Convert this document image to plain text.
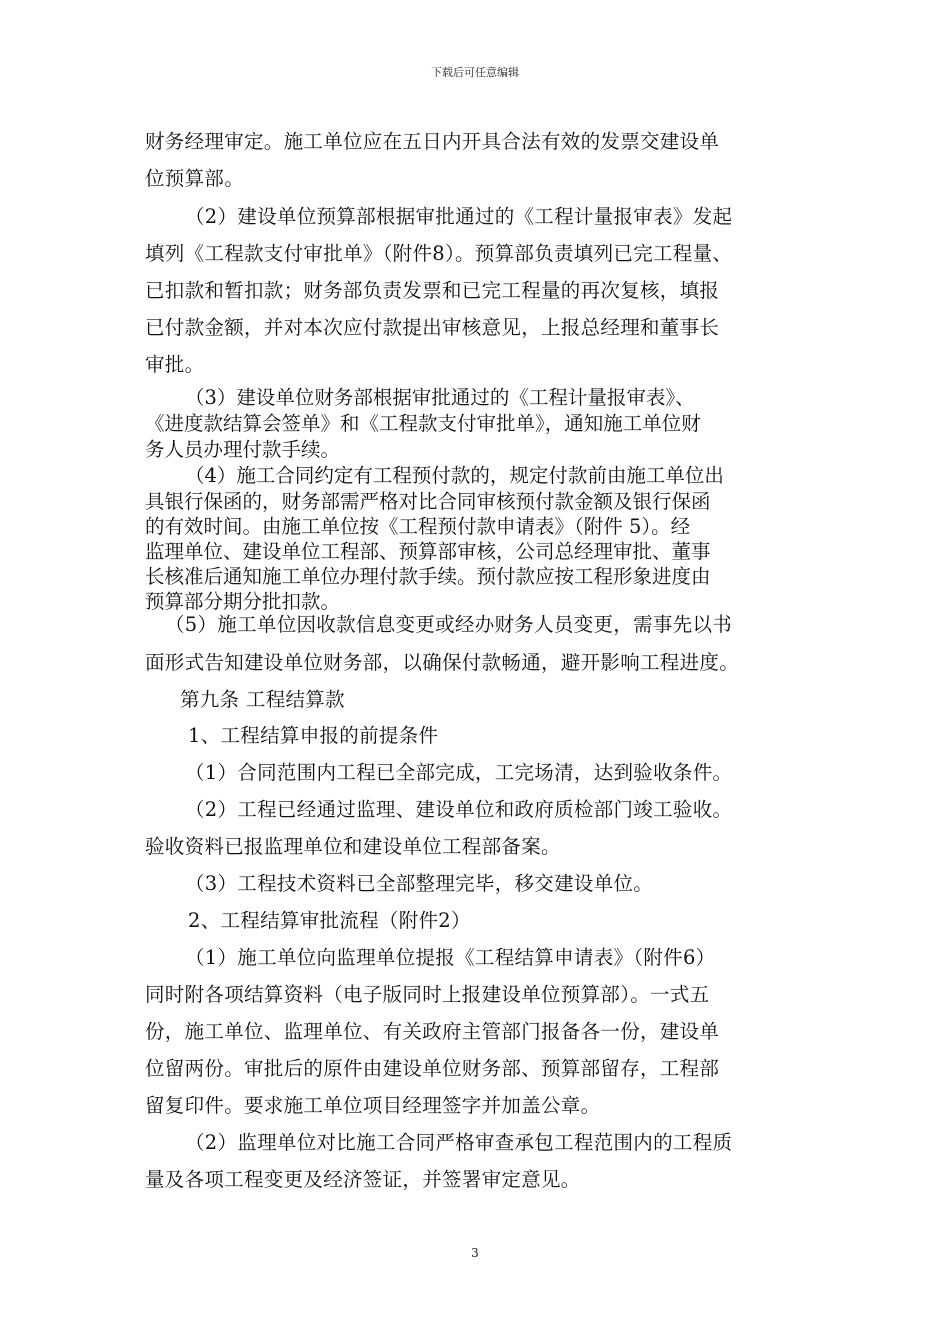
下载后可任意编辑
财务经理审定。施工单位应在五日内开具合法有效的发票交建设单
位预算部。
（2）建设单位预算部根据审批通过的《工程计量报审表》发起
填列《工程款支付审批单》（附件8）。预算部负责填列已完工程量、
已扣款和暂扣款；财务部负责发票和已完工程量的再次复核，填报
已付款金额，并对本次应付款提出审核意见，上报总经理和董事长
审批。
（3）建设单位财务部根据审批通过的《工程计量报审表》、
《进度款结算会签单》和《工程款支付审批单》，通知施工单位财
务人员办理付款手续。
（4）施工合同约定有工程预付款的，规定付款前由施工单位出
具银行保函的，财务部需严格对比合同审核预付款金额及银行保函
的有效时间。由施工单位按《工程预付款申请表》（附件 5）。经
监理单位、建设单位工程部、预算部审核，公司总经理审批、董事
长核准后通知施工单位办理付款手续。预付款应按工程形象进度由
预算部分期分批扣款。
（5）施工单位因收款信息变更或经办财务人员变更，需事先以书
面形式告知建设单位财务部，以确保付款畅通，避开影响工程进度。
第九条 工程结算款
1、工程结算申报的前提条件
（1）合同范围内工程已全部完成，工完场清，达到验收条件。
（2）工程已经通过监理、建设单位和政府质检部门竣工验收。
验收资料已报监理单位和建设单位工程部备案。
（3）工程技术资料已全部整理完毕，移交建设单位。
2、工程结算审批流程（附件2）
（1）施工单位向监理单位提报《工程结算申请表》（附件6）
同时附各项结算资料（电子版同时上报建设单位预算部）。一式五
份，施工单位、监理单位、有关政府主管部门报备各一份，建设单
位留两份。审批后的原件由建设单位财务部、预算部留存，工程部
留复印件。要求施工单位项目经理签字并加盖公章。
（2）监理单位对比施工合同严格审查承包工程范围内的工程质
量及各项工程变更及经济签证，并签署审定意见。
3
